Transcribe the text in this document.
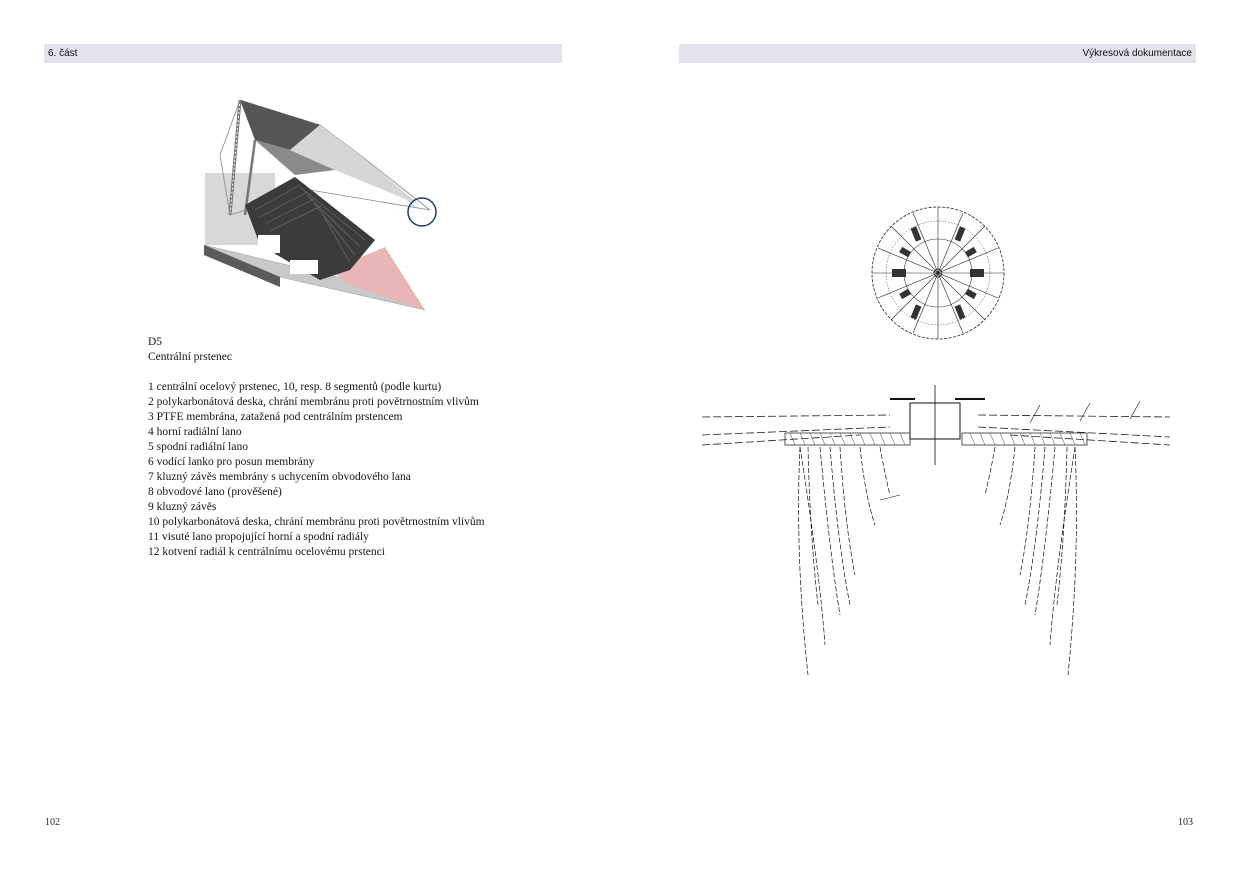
6. část
D5
Centrální prstenec
1 centrální ocelový prstenec, 10, resp. 8 segmentů (podle kurtu)
2 polykarbonátová deska, chrání membránu proti povětrnostním vlivům
3 PTFE membrána, zatažená pod centrálním prstencem
4 horní radiální lano
5 spodní radiální lano
6 vodící lanko pro posun membrány
7 kluzný závěs membrány s uchycením obvodového lana
8 obvodové lano (prověšené)
9 kluzný závěs
10 polykarbonátová deska, chrání membránu proti povětrnostním vlivům
11 visuté lano propojující horní a spodní radiály
12 kotvení radiál k centrálnímu ocelovému prstenci
102
Výkresová dokumentace
103
